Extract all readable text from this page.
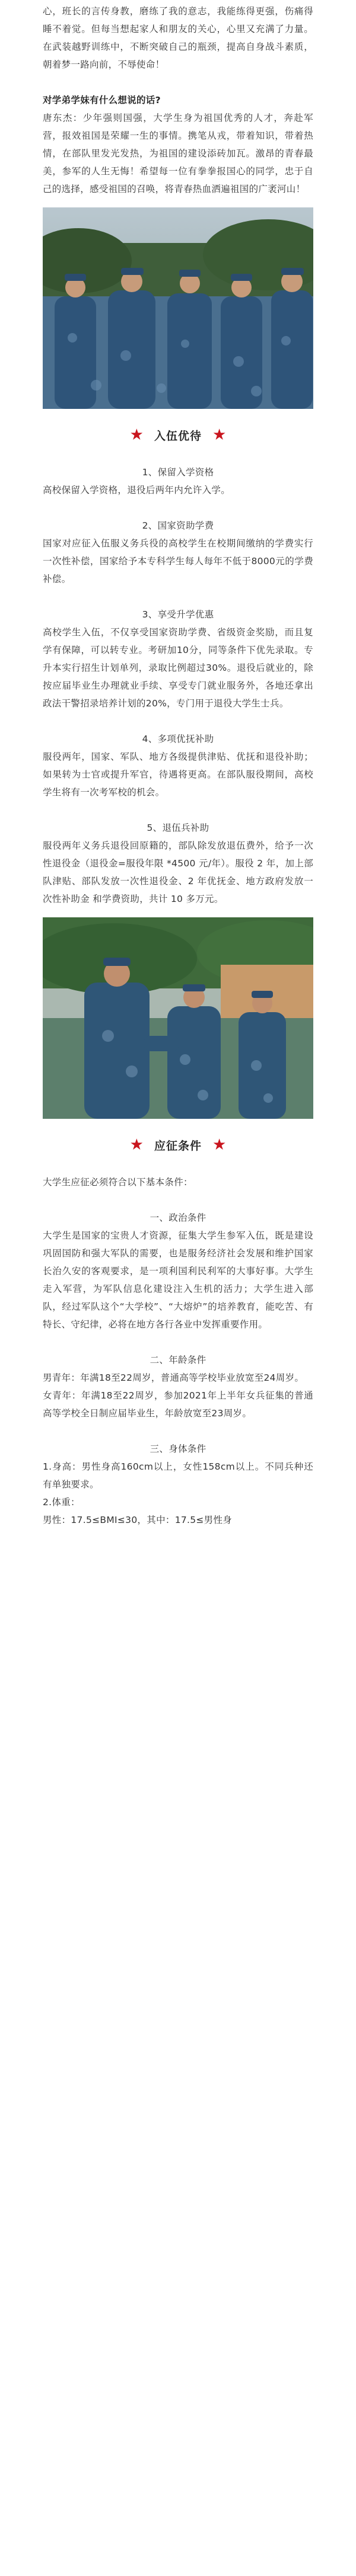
心，班长的言传身教，磨练了我的意志，我能练得更强，伤痛得睡不着觉。但每当想起家人和朋友的关心，心里又充满了力量。在武装越野训练中，不断突破自己的瓶颈，提高自身战斗素质，朝着梦一路向前，不辱使命！

对学弟学妹有什么想说的话?

唐东杰：少年强则国强，大学生身为祖国优秀的人才，奔赴军营，报效祖国是荣耀一生的事情。携笔从戎，带着知识，带着热情，在部队里发光发热，为祖国的建设添砖加瓦。激昂的青春最美，参军的人生无悔！希望每一位有拳拳报国心的同学，忠于自己的选择，感受祖国的召唤，将青春热血洒遍祖国的广袤河山！

★ 入伍优待 ★

1、保留入学资格

高校保留入学资格，退役后两年内允许入学。

2、国家资助学费

国家对应征入伍服义务兵役的高校学生在校期间缴纳的学费实行一次性补偿，国家给予本专科学生每人每年不低于8000元的学费补偿。

3、享受升学优惠

高校学生入伍，不仅享受国家资助学费、省级资金奖励，而且复学有保障，可以转专业。考研加10分，同等条件下优先录取。专升本实行招生计划单列，录取比例超过30%。退役后就业的，除按应届毕业生办理就业手续、享受专门就业服务外，各地还拿出政法干警招录培养计划的20%，专门用于退役大学生士兵。

4、多项优抚补助

服役两年，国家、军队、地方各级提供津贴、优抚和退役补助；如果转为士官或提升军官，待遇将更高。在部队服役期间，高校学生将有一次考军校的机会。

5、退伍兵补助

服役两年义务兵退役回原籍的，部队除发放退伍费外，给予一次性退役金（退役金=服役年限 *4500 元/年）。服役 2 年，加上部队津贴、部队发放一次性退役金、2 年优抚金、地方政府发放一次性补助金 和学费资助，共计 10 多万元。

★ 应征条件 ★

大学生应征必须符合以下基本条件：

一、政治条件

大学生是国家的宝贵人才资源，征集大学生参军入伍，既是建设巩固国防和强大军队的需要，也是服务经济社会发展和维护国家长治久安的客观要求，是一项利国利民利军的大事好事。大学生走入军营，为军队信息化建设注入生机的活力；大学生进入部队，经过军队这个“大学校”、“大熔炉”的培养教育，能吃苦、有特长、守纪律，必将在地方各行各业中发挥重要作用。

二、年龄条件

男青年：年满18至22周岁，普通高等学校毕业放宽至24周岁。

女青年：年满18至22周岁，参加2021年上半年女兵征集的普通高等学校全日制应届毕业生，年龄放宽至23周岁。

三、身体条件

1.身高：男性身高160cm以上，女性158cm以上。不同兵种还有单独要求。

2.体重：

男性：17.5≤BMI≤30，其中：17.5≤男性身
